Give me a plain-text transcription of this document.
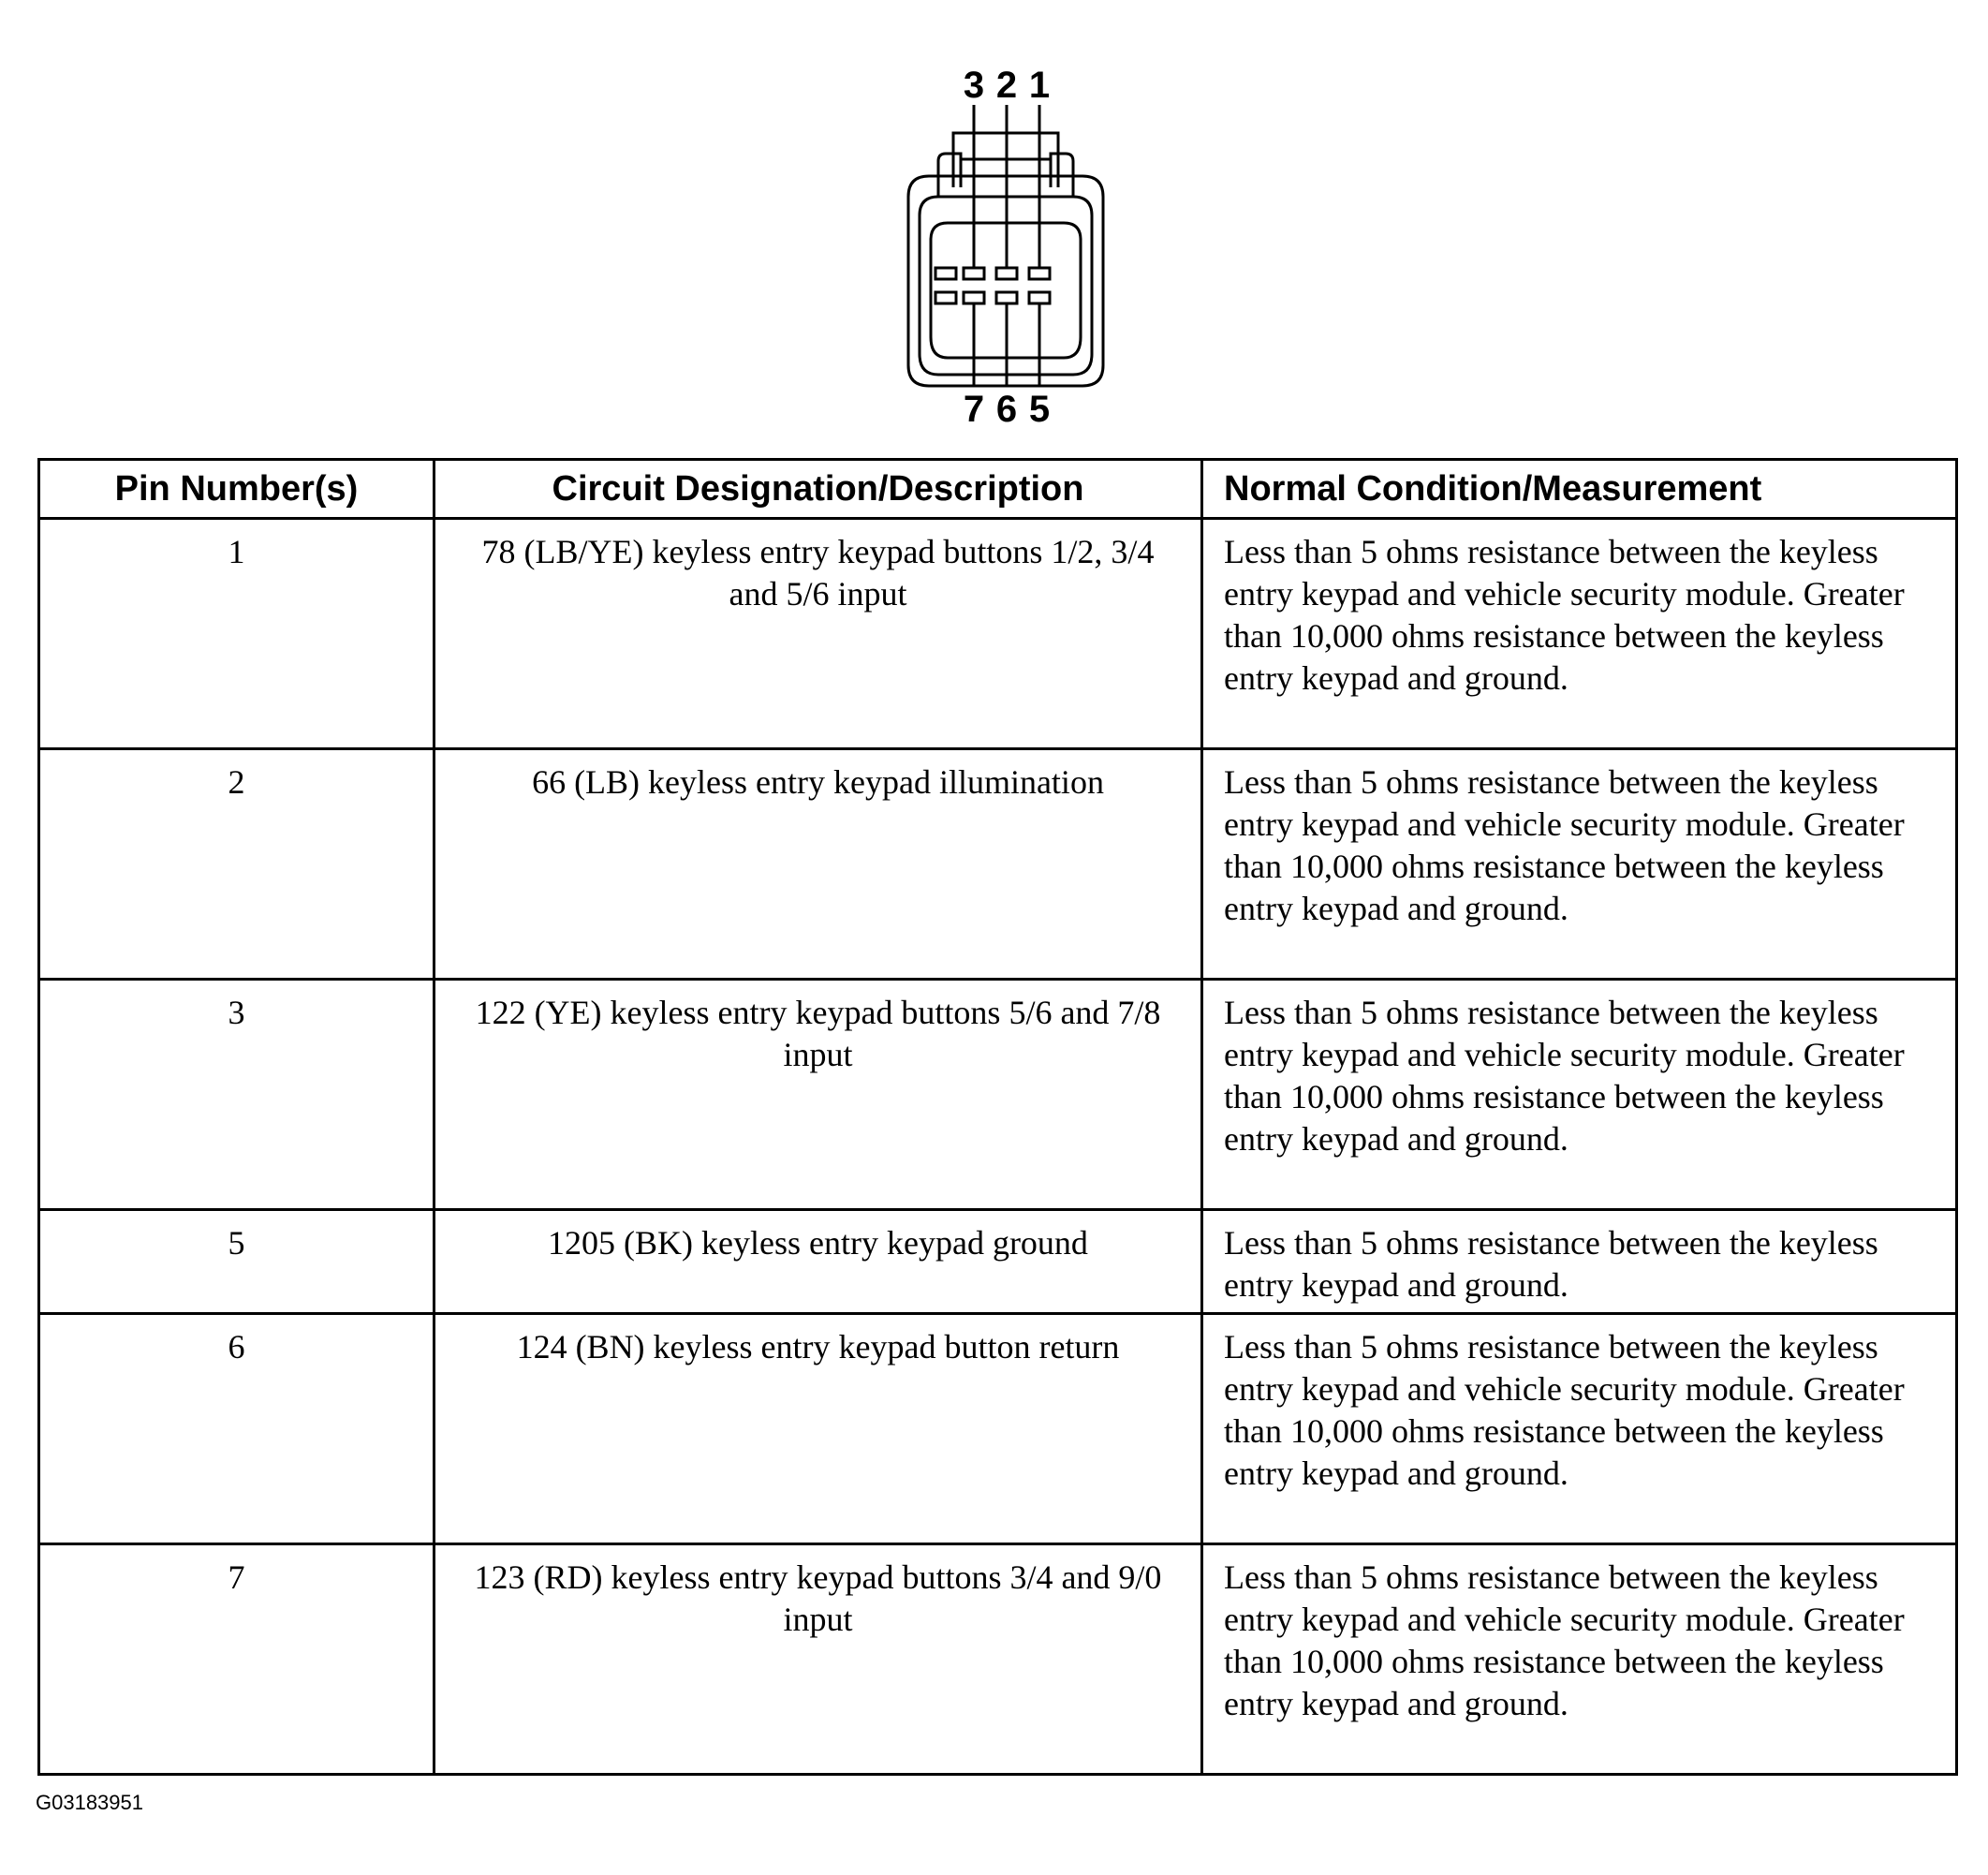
3 2 1
7 6 5
Pin Number(s)	Circuit Designation/Description	Normal Condition/Measurement
1	78 (LB/YE) keyless entry keypad buttons 1/2, 3/4 and 5/6 input	Less than 5 ohms resistance between the keyless entry keypad and vehicle security module. Greater than 10,000 ohms resistance between the keyless entry keypad and ground.
2	66 (LB) keyless entry keypad illumination	Less than 5 ohms resistance between the keyless entry keypad and vehicle security module. Greater than 10,000 ohms resistance between the keyless entry keypad and ground.
3	122 (YE) keyless entry keypad buttons 5/6 and 7/8 input	Less than 5 ohms resistance between the keyless entry keypad and vehicle security module. Greater than 10,000 ohms resistance between the keyless entry keypad and ground.
5	1205 (BK) keyless entry keypad ground	Less than 5 ohms resistance between the keyless entry keypad and ground.
6	124 (BN) keyless entry keypad button return	Less than 5 ohms resistance between the keyless entry keypad and vehicle security module. Greater than 10,000 ohms resistance between the keyless entry keypad and ground.
7	123 (RD) keyless entry keypad buttons 3/4 and 9/0 input	Less than 5 ohms resistance between the keyless entry keypad and vehicle security module. Greater than 10,000 ohms resistance between the keyless entry keypad and ground.
G03183951
